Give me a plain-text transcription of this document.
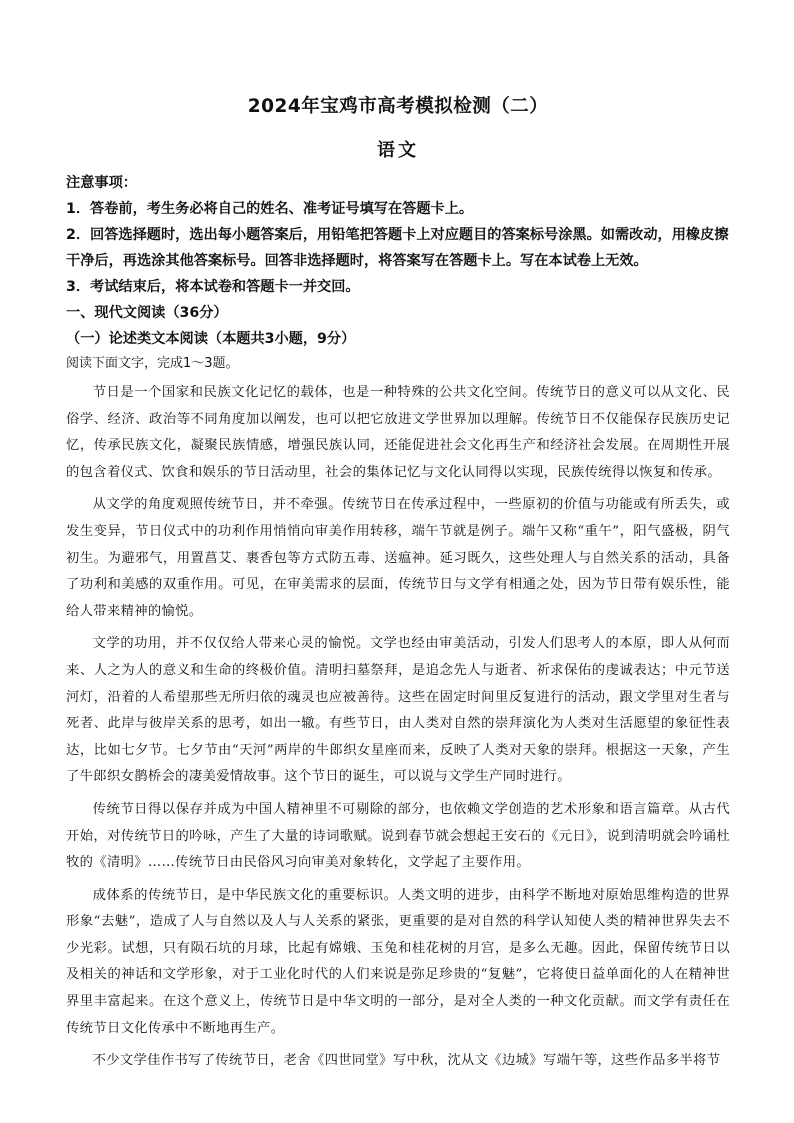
2024年宝鸡市高考模拟检测（二）
语文

注意事项：

1．答卷前，考生务必将自己的姓名、准考证号填写在答题卡上。

2．回答选择题时，选出每小题答案后，用铅笔把答题卡上对应题目的答案标号涂黑。如需改动，用橡皮擦干净后，再选涂其他答案标号。回答非选择题时，将答案写在答题卡上。写在本试卷上无效。

3．考试结束后，将本试卷和答题卡一并交回。

一、现代文阅读（36分）

（一）论述类文本阅读（本题共3小题，9分）

阅读下面文字，完成1～3题。

节日是一个国家和民族文化记忆的载体，也是一种特殊的公共文化空间。传统节日的意义可以从文化、民俗学、经济、政治等不同角度加以阐发，也可以把它放进文学世界加以理解。传统节日不仅能保存民族历史记忆，传承民族文化，凝聚民族情感，增强民族认同，还能促进社会文化再生产和经济社会发展。在周期性开展的包含着仪式、饮食和娱乐的节日活动里，社会的集体记忆与文化认同得以实现，民族传统得以恢复和传承。

从文学的角度观照传统节日，并不牵强。传统节日在传承过程中，一些原初的价值与功能或有所丢失，或发生变异，节日仪式中的功利作用悄悄向审美作用转移，端午节就是例子。端午又称“重午”，阳气盛极，阴气初生。为避邪气，用置菖艾、裹香包等方式防五毒、送瘟神。延习既久，这些处理人与自然关系的活动，具备了功利和美感的双重作用。可见，在审美需求的层面，传统节日与文学有相通之处，因为节日带有娱乐性，能给人带来精神的愉悦。

文学的功用，并不仅仅给人带来心灵的愉悦。文学也经由审美活动，引发人们思考人的本原，即人从何而来、人之为人的意义和生命的终极价值。清明扫墓祭拜，是追念先人与逝者、祈求保佑的虔诚表达；中元节送河灯，沿着的人希望那些无所归依的魂灵也应被善待。这些在固定时间里反复进行的活动，跟文学里对生者与死者、此岸与彼岸关系的思考，如出一辙。有些节日，由人类对自然的崇拜演化为人类对生活愿望的象征性表达，比如七夕节。七夕节由“天河”两岸的牛郎织女星座而来，反映了人类对天象的崇拜。根据这一天象，产生了牛郎织女鹊桥会的凄美爱情故事。这个节日的诞生，可以说与文学生产同时进行。

传统节日得以保存并成为中国人精神里不可剔除的部分，也依赖文学创造的艺术形象和语言篇章。从古代开始，对传统节日的吟咏，产生了大量的诗词歌赋。说到春节就会想起王安石的《元日》，说到清明就会吟诵杜牧的《清明》……传统节日由民俗风习向审美对象转化，文学起了主要作用。

成体系的传统节日，是中华民族文化的重要标识。人类文明的进步，由科学不断地对原始思维构造的世界形象“去魅”，造成了人与自然以及人与人关系的紧张，更重要的是对自然的科学认知使人类的精神世界失去不少光彩。试想，只有陨石坑的月球，比起有嫦娥、玉兔和桂花树的月宫，是多么无趣。因此，保留传统节日以及相关的神话和文学形象，对于工业化时代的人们来说是弥足珍贵的“复魅”，它将使日益单面化的人在精神世界里丰富起来。在这个意义上，传统节日是中华文明的一部分，是对全人类的一种文化贡献。而文学有责任在传统节日文化传承中不断地再生产。

不少文学佳作书写了传统节日，老舍《四世同堂》写中秋，沈从文《边城》写端午等，这些作品多半将节
